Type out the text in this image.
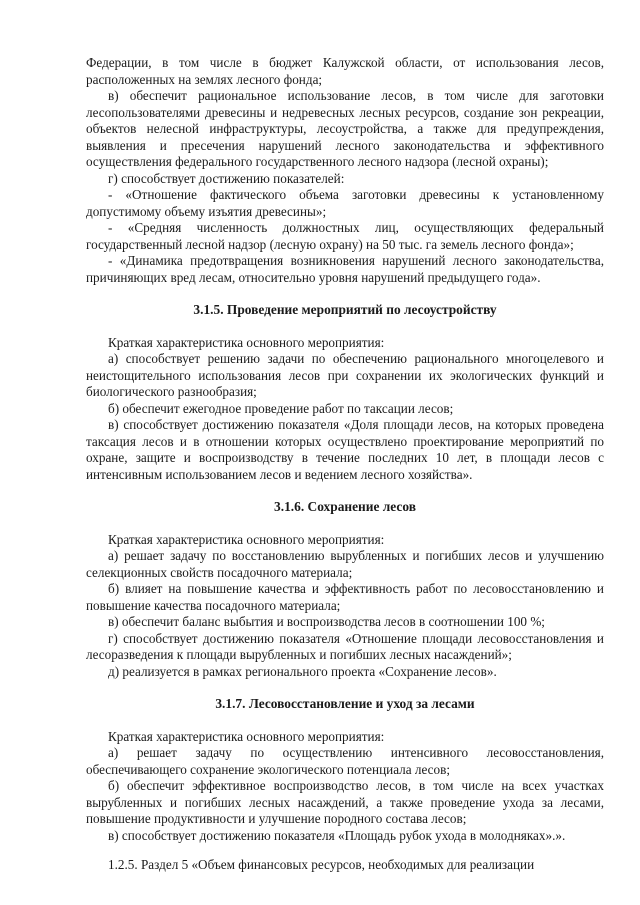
Федерации, в том числе в бюджет Калужской области, от использования лесов, расположенных на землях лесного фонда;

в) обеспечит рациональное использование лесов, в том числе для заготовки лесопользователями древесины и недревесных лесных ресурсов, создание зон рекреации, объектов нелесной инфраструктуры, лесоустройства, а также для предупреждения, выявления и пресечения нарушений лесного законодательства и эффективного осуществления федерального государственного лесного надзора (лесной охраны);

г) способствует достижению показателей:

- «Отношение фактического объема заготовки древесины к установленному допустимому объему изъятия древесины»;

- «Средняя численность должностных лиц, осуществляющих федеральный государственный лесной надзор (лесную охрану) на 50 тыс. га земель лесного фонда»;

- «Динамика предотвращения возникновения нарушений лесного законодательства, причиняющих вред лесам, относительно уровня нарушений предыдущего года».

3.1.5. Проведение мероприятий по лесоустройству

Краткая характеристика основного мероприятия:

а) способствует решению задачи по обеспечению рационального многоцелевого и неистощительного использования лесов при сохранении их экологических функций и биологического разнообразия;

б) обеспечит ежегодное проведение работ по таксации лесов;

в) способствует достижению показателя «Доля площади лесов, на которых проведена таксация лесов и в отношении которых осуществлено проектирование мероприятий по охране, защите и воспроизводству в течение последних 10 лет, в площади лесов с интенсивным использованием лесов и ведением лесного хозяйства».

3.1.6. Сохранение лесов

Краткая характеристика основного мероприятия:

а) решает задачу по восстановлению вырубленных и погибших лесов и улучшению селекционных свойств посадочного материала;

б) влияет на повышение качества и эффективность работ по лесовосстановлению и повышение качества посадочного материала;

в) обеспечит баланс выбытия и воспроизводства лесов в соотношении 100 %;

г) способствует достижению показателя «Отношение площади лесовосстановления и лесоразведения к площади вырубленных и погибших лесных насаждений»;

д) реализуется в рамках регионального проекта «Сохранение лесов».

3.1.7. Лесовосстановление и уход за лесами

Краткая характеристика основного мероприятия:

а) решает задачу по осуществлению интенсивного лесовосстановления, обеспечивающего сохранение экологического потенциала лесов;

б) обеспечит эффективное воспроизводство лесов, в том числе на всех участках вырубленных и погибших лесных насаждений, а также проведение ухода за лесами, повышение продуктивности и улучшение породного состава лесов;

в) способствует достижению показателя «Площадь рубок ухода в молодняках».».

1.2.5. Раздел 5 «Объем финансовых ресурсов, необходимых для реализации
